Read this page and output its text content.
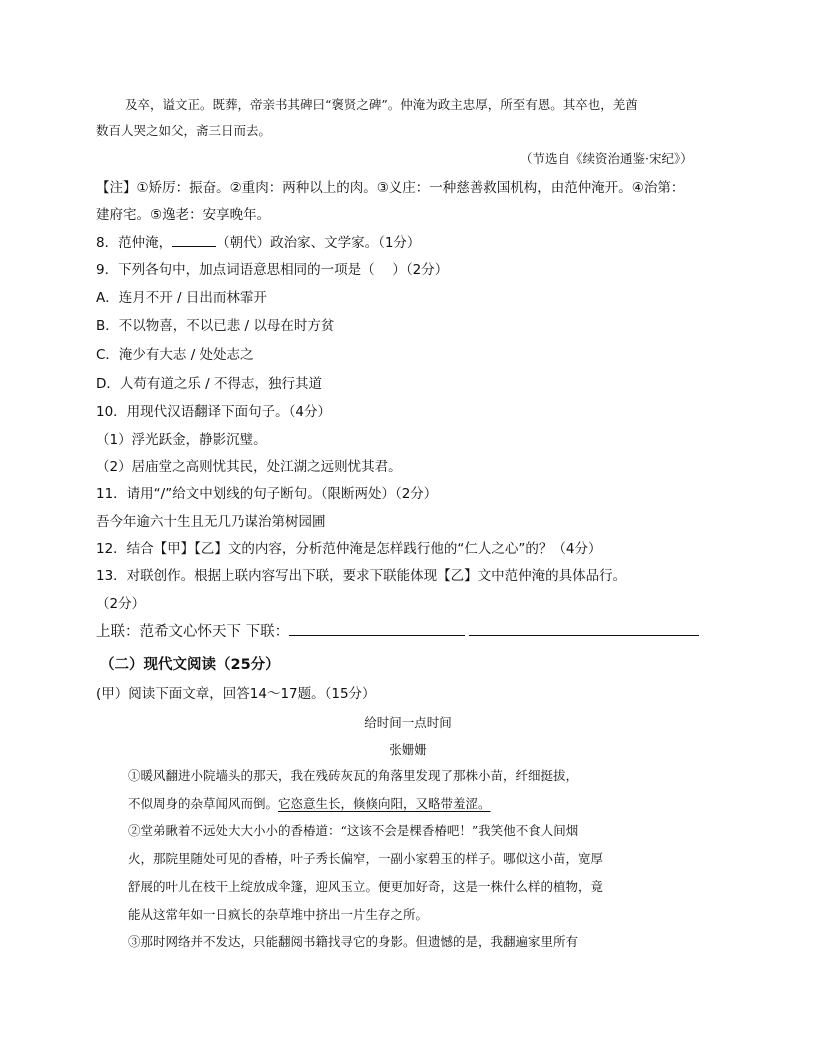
及卒，谥文正。既葬，帝亲书其碑曰“褒贤之碑”。仲淹为政主忠厚，所至有恩。其卒也，羌酋
数百人哭之如父，斋三日而去。
（节选自《续资治通鉴·宋纪》）
【注】①矫厉：振奋。②重肉：两种以上的肉。③义庄：一种慈善救国机构，由范仲淹开。④治第：
建府宅。⑤逸老：安享晚年。
8．范仲淹，	（朝代）政治家、文学家。（1分）
9．下列各句中，加点词语意思相同的一项是（　 ）（2分）
A．连月不开 / 日出而林霏开
B．不以物喜，不以已悲 / 以母在时方贫
C．淹少有大志 / 处处志之
D．人苟有道之乐 / 不得志，独行其道
10．用现代汉语翻译下面句子。（4分）
（1）浮光跃金，静影沉璧。
（2）居庙堂之高则忧其民，处江湖之远则忧其君。
11．请用“/”给文中划线的句子断句。（限断两处）（2分）
吾今年逾六十生且无几乃谋治第树园圃
12．结合【甲】【乙】文的内容，分析范仲淹是怎样践行他的“仁人之心”的？（4分）
13．对联创作。根据上联内容写出下联，要求下联能体现【乙】文中范仲淹的具体品行。
（2分）
上联：范希文心怀天下 下联：
（二）现代文阅读（25分）
(甲）阅读下面文章，回答14～17题。（15分）
给时间一点时间
张姗姗
①暖风翻进小院墙头的那天，我在残砖灰瓦的角落里发现了那株小苗，纤细挺拔，
不似周身的杂草闻风而倒。它恣意生长，倏倏向阳，又略带羞涩。
②堂弟瞅着不远处大大小小的香椿道：“这该不会是棵香椿吧！”我笑他不食人间烟
火，那院里随处可见的香椿，叶子秀长偏窄，一副小家碧玉的样子。哪似这小苗，宽厚
舒展的叶儿在枝干上绽放成伞篷，迎风玉立。便更加好奇，这是一株什么样的植物，竟
能从这常年如一日疯长的杂草堆中挤出一片生存之所。
③那时网络并不发达，只能翻阅书籍找寻它的身影。但遗憾的是，我翻遍家里所有
